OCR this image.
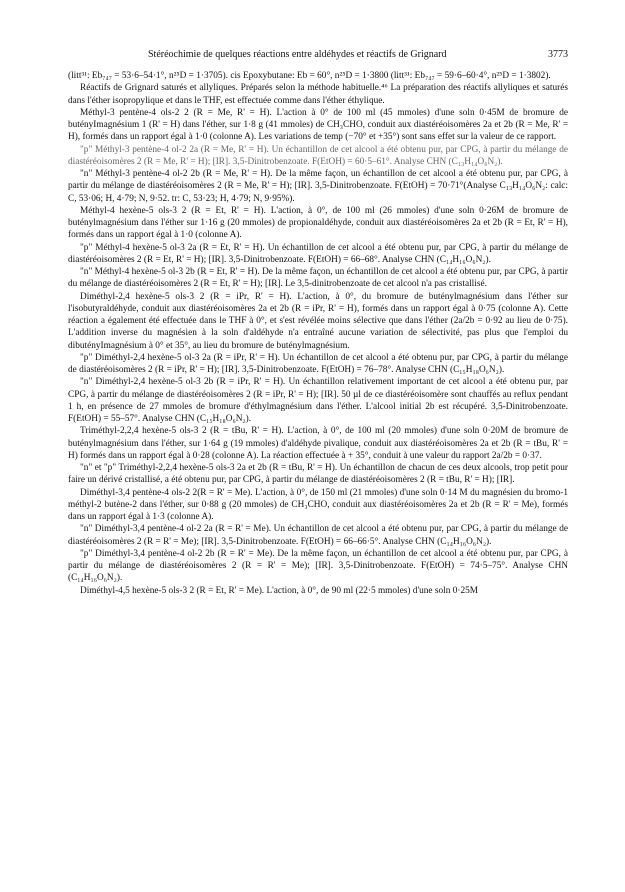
Stéréochimie de quelques réactions entre aldéhydes et réactifs de Grignard	3773

(litt³¹: Eb₇₄₇ = 53·6–54·1°, n²⁵D = 1·3705). cis Epoxybutane: Eb = 60°, n²⁵D = 1·3800 (litt³¹: Eb₇₄₇ = 59·6–60·4°, n²⁵D = 1·3802).

Réactifs de Grignard saturés et allyliques. Préparés selon la méthode habituelle.⁴⁶ La préparation des réactifs allyliques et saturés dans l'éther isopropylique et dans le THF, est effectuée comme dans l'éther éthylique.

Méthyl-3 pentène-4 ols-2 2 (R = Me, R' = H). L'action à 0° de 100 ml (45 mmoles) d'une soln 0·45M de bromure de butényImagnésium 1 (R' = H) dans l'éther, sur 1·8 g (41 mmoles) de CH₃CHO, conduit aux diastéréoisomères 2a et 2b (R = Me, R' = H), formés dans un rapport égal à 1·0 (colonne A). Les variations de temp (−70° et +35°) sont sans effet sur la valeur de ce rapport.

"p" Méthyl-3 pentène-4 ol-2 2a (R = Me, R' = H). Un échantillon de cet alcool a été obtenu pur, par CPG, à partir du mélange de diastéréoisomères 2 (R = Me, R' = H); [IR]. 3,5-Dinitrobenzoate. F(EtOH) = 60·5–61°. Analyse CHN (C₁₃H₁₄O₆N₂).

"n" Méthyl-3 pentène-4 ol-2 2b (R = Me, R' = H). De la même façon, un échantillon de cet alcool a été obtenu pur, par CPG, à partir du mélange de diastéréoisomères 2 (R = Me, R' = H); [IR]. 3,5-Dinitrobenzoate. F(EtOH) = 70·71°(Analyse C₁₃H₁₄O₆N₂: calc: C, 53·06; H, 4·79; N, 9·52. tr: C, 53·23; H, 4·79; N, 9·95%).

Méthyl-4 hexène-5 ols-3 2 (R = Et, R' = H). L'action, à 0°, de 100 ml (26 mmoles) d'une soln 0·26M de bromure de buténylmagnésium dans l'éther sur 1·16 g (20 mmoles) de propionaldéhyde, conduit aux diastéréoisomères 2a et 2b (R = Et, R' = H), formés dans un rapport égal à 1·0 (colonne A).

"p" Méthyl-4 hexène-5 ol-3 2a (R = Et, R' = H). Un échantillon de cet alcool a été obtenu pur, par CPG, à partir du mélange de diastéréoisomères 2 (R = Et, R' = H); [IR]. 3,5-Dinitrobenzoate. F(EtOH) = 66–68°. Analyse CHN (C₁₄H₁₆O₆N₂).

"n" Méthyl-4 hexène-5 ol-3 2b (R = Et, R' = H). De la même façon, un échantillon de cet alcool a été obtenu pur, par CPG, à partir du mélange de diastéréoisomères 2 (R = Et, R' = H); [IR]. Le 3,5-dinitrobenzoate de cet alcool n'a pas cristallisé.

Diméthyl-2,4 hexène-5 ols-3 2 (R = iPr, R' = H). L'action, à 0°, du bromure de buténylmagnésium dans l'éther sur l'isobutyraldéhyde, conduit aux diastéréoisomères 2a et 2b (R = iPr, R' = H), formés dans un rapport égal à 0·75 (colonne A). Cette réaction a également été effectuée dans le THF à 0°, et s'est révélée moins sélective que dans l'éther (2a/2b = 0·92 au lieu de 0·75). L'addition inverse du magnésien à la soln d'aldéhyde n'a entraîné aucune variation de sélectivité, pas plus que l'emploi du dibutényImagnésium à 0° et 35°, au lieu du bromure de buténylmagnésium.

"p" Diméthyl-2,4 hexène-5 ol-3 2a (R = iPr, R' = H). Un échantillon de cet alcool a été obtenu pur, par CPG, à partir du mélange de diastéréoisomères 2 (R = iPr, R' = H); [IR]. 3,5-Dinitrobenzoate. F(EtOH) = 76–78°. Analyse CHN (C₁₅H₁₈O₆N₂).

"n" Diméthyl-2,4 hexène-5 ol-3 2b (R = iPr, R' = H). Un échantillon relativement important de cet alcool a été obtenu pur, par CPG, à partir du mélange de diastéréoisomères 2 (R = iPr, R' = H); [IR]. 50 µl de ce diastéréoisomère sont chauffés au reflux pendant 1 h, en présence de 27 mmoles de bromure d'éthylmagnésium dans l'éther. L'alcool initial 2b est récupéré. 3,5-Dinitrobenzoate. F(EtOH) = 55–57°. Analyse CHN (C₁₅H₁₈O₆N₂).

Triméthyl-2,2,4 hexène-5 ols-3 2 (R = tBu, R' = H). L'action, à 0°, de 100 ml (20 mmoles) d'une soln 0·20M de bromure de buténylmagnésium dans l'éther, sur 1·64 g (19 mmoles) d'aldéhyde pivalique, conduit aux diastéréoisomères 2a et 2b (R = tBu, R' = H) formés dans un rapport égal à 0·28 (colonne A). La réaction effectuée à + 35°, conduit à une valeur du rapport 2a/2b = 0·37.

"n" et "p" Triméthyl-2,2,4 hexène-5 ols-3 2a et 2b (R = tBu, R' = H). Un échantillon de chacun de ces deux alcools, trop petit pour faire un dérivé cristallisé, a été obtenu pur, par CPG, à partir du mélange de diastéréoisomères 2 (R = tBu, R' = H); [IR].

Diméthyl-3,4 pentène-4 ols-2 2(R = R' = Me). L'action, à 0°, de 150 ml (21 mmoles) d'une soln 0·14 M du magnésien du bromo-1 méthyl-2 butène-2 dans l'éther, sur 0·88 g (20 mmoles) de CH₃CHO, conduit aux diastéréoisomères 2a et 2b (R = R' = Me), formés dans un rapport égal à 1·3 (colonne A).

"n" Diméthyl-3,4 pentène-4 ol-2 2a (R = R' = Me). Un échantillon de cet alcool a été obtenu pur, par CPG, à partir du mélange de diastéréoisomères 2 (R = R' = Me); [IR]. 3,5-Dinitrobenzoate. F(EtOH) = 66–66·5°. Analyse CHN (C₁₄H₁₆O₆N₂).

"p" Diméthyl-3,4 pentène-4 ol-2 2b (R = R' = Me). De la même façon, un échantillon de cet alcool a été obtenu pur, par CPG, à partir du mélange de diastéréoisomères 2 (R = R' = Me); [IR]. 3,5-Dinitrobenzoate. F(EtOH) = 74·5–75°. Analyse CHN (C₁₄H₁₆O₆N₂).

Diméthyl-4,5 hexène-5 ols-3 2 (R = Et, R' = Me). L'action, à 0°, de 90 ml (22·5 mmoles) d'une soln 0·25M
